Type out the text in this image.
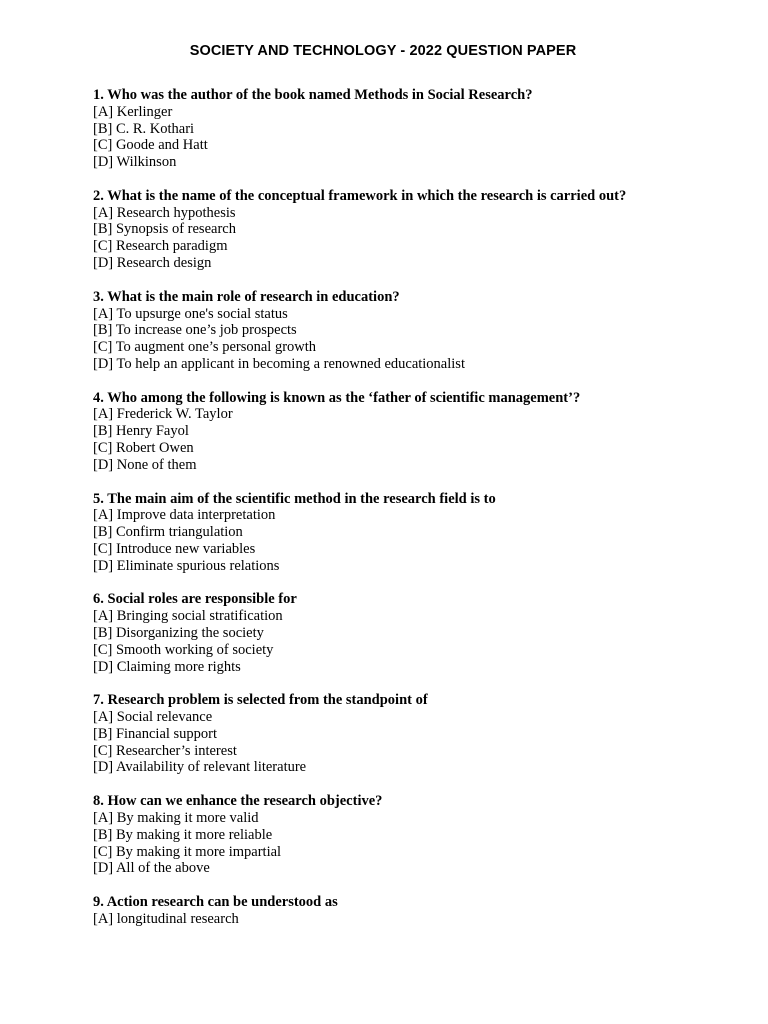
SOCIETY AND TECHNOLOGY - 2022 QUESTION PAPER
1. Who was the author of the book named Methods in Social Research?
[A] Kerlinger
[B] C. R. Kothari
[C] Goode and Hatt
[D] Wilkinson
2. What is the name of the conceptual framework in which the research is carried out?
[A] Research hypothesis
[B] Synopsis of research
[C] Research paradigm
[D] Research design
3. What is the main role of research in education?
[A] To upsurge one's social status
[B] To increase one’s job prospects
[C] To augment one’s personal growth
[D] To help an applicant in becoming a renowned educationalist
4. Who among the following is known as the ‘father of scientific management’?
[A] Frederick W. Taylor
[B] Henry Fayol
[C] Robert Owen
[D] None of them
5. The main aim of the scientific method in the research field is to
[A] Improve data interpretation
[B] Confirm triangulation
[C] Introduce new variables
[D] Eliminate spurious relations
6. Social roles are responsible for
[A] Bringing social stratification
[B] Disorganizing the society
[C] Smooth working of society
[D] Claiming more rights
7. Research problem is selected from the standpoint of
[A] Social relevance
[B] Financial support
[C] Researcher’s interest
[D] Availability of relevant literature
8. How can we enhance the research objective?
[A] By making it more valid
[B] By making it more reliable
[C] By making it more impartial
[D] All of the above
9. Action research can be understood as
[A] longitudinal research
